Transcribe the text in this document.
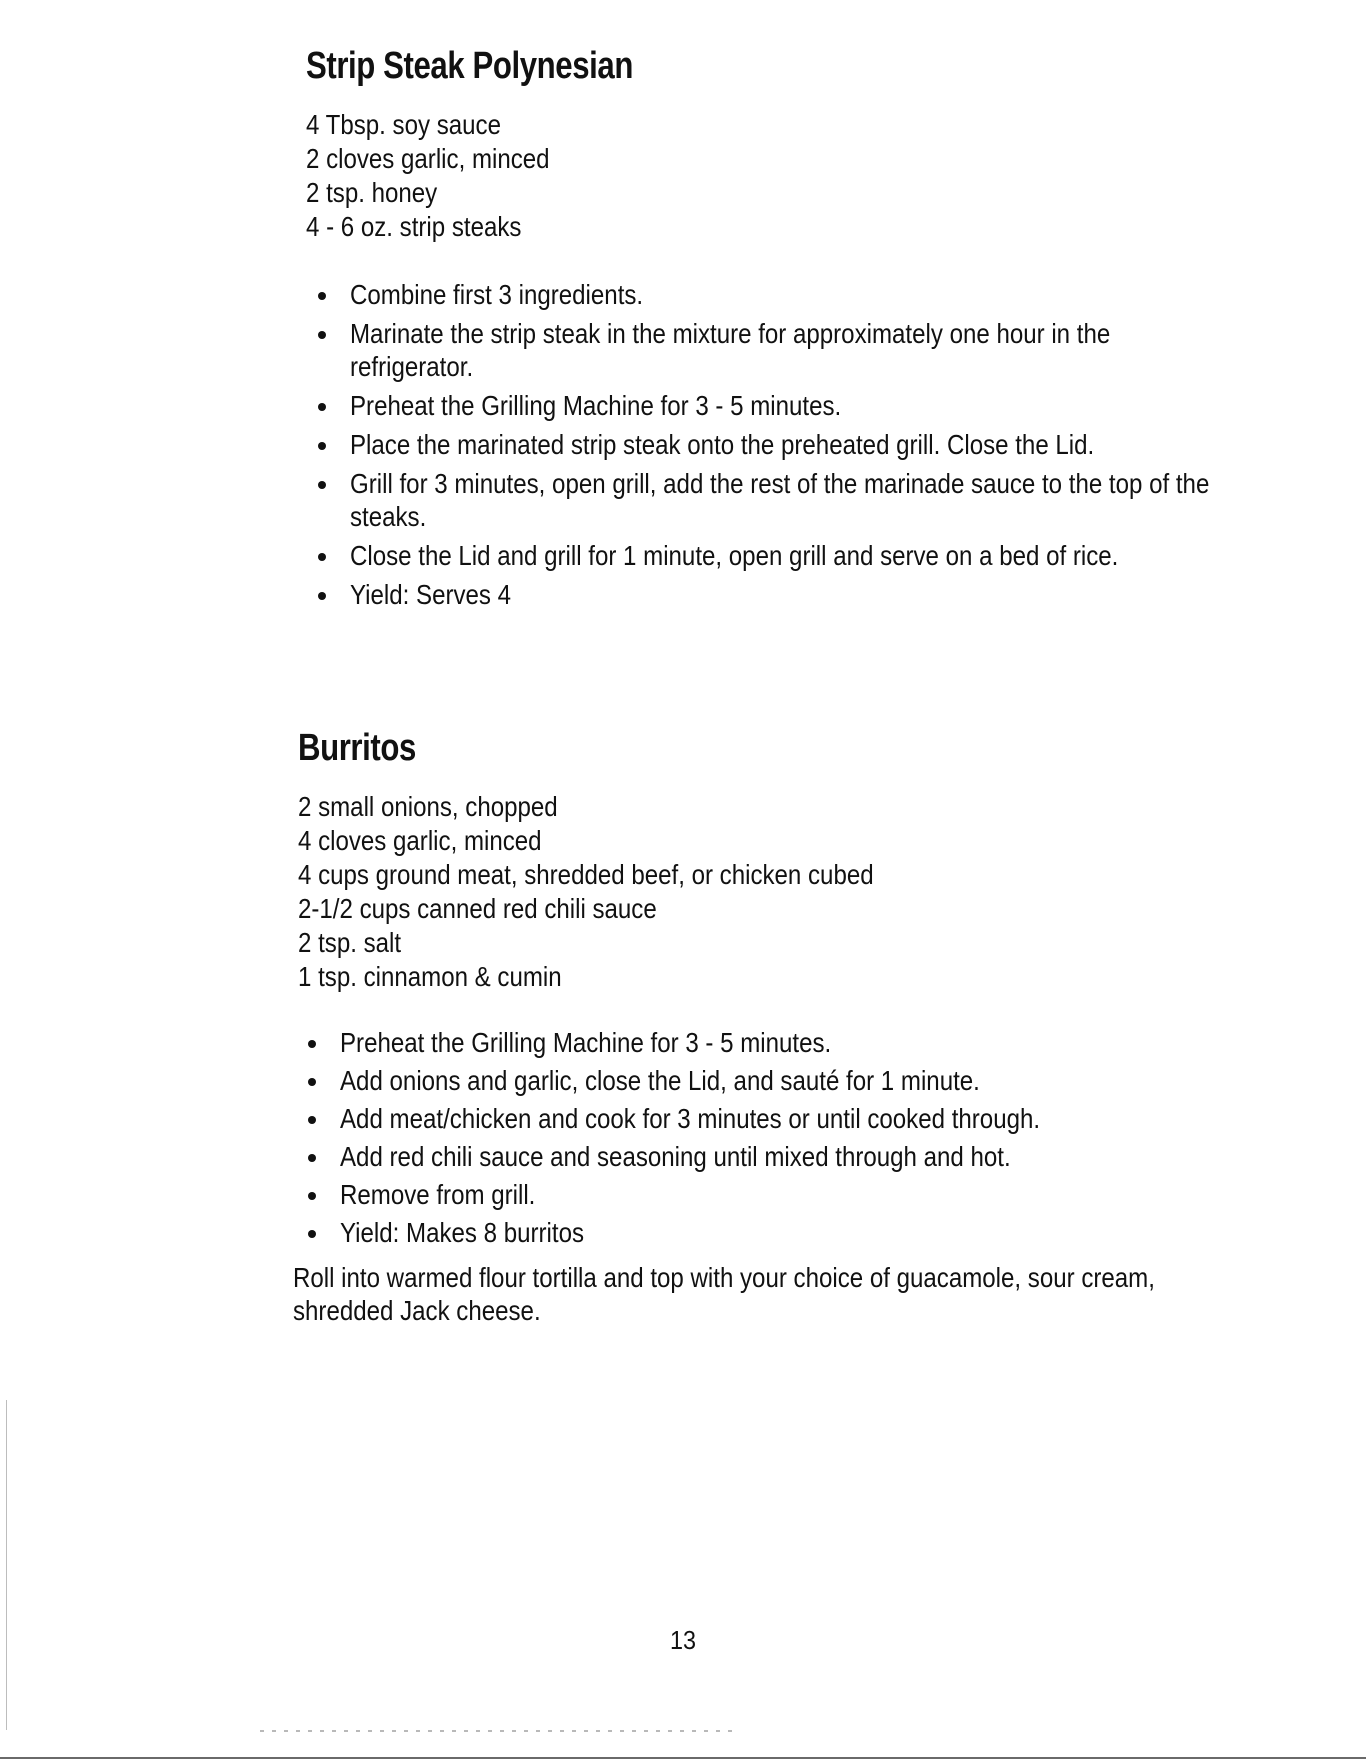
Strip Steak Polynesian
4 Tbsp. soy sauce
2 cloves garlic, minced
2 tsp. honey
4 - 6 oz. strip steaks
Combine first 3 ingredients.
Marinate the strip steak in the mixture for approximately one hour in the refrigerator.
Preheat the Grilling Machine for 3 - 5 minutes.
Place the marinated strip steak onto the preheated grill. Close the Lid.
Grill for 3 minutes, open grill, add the rest of the marinade sauce to the top of the steaks.
Close the Lid and grill for 1 minute, open grill and serve on a bed of rice.
Yield: Serves 4
Burritos
2 small onions, chopped
4 cloves garlic, minced
4 cups ground meat, shredded beef, or chicken cubed
2-1/2 cups canned red chili sauce
2 tsp. salt
1 tsp. cinnamon & cumin
Preheat the Grilling Machine for 3 - 5 minutes.
Add onions and garlic, close the Lid, and sauté for 1 minute.
Add meat/chicken and cook for 3 minutes or until cooked through.
Add red chili sauce and seasoning until mixed through and hot.
Remove from grill.
Yield: Makes 8 burritos

Roll into warmed flour tortilla and top with your choice of guacamole, sour cream, shredded Jack cheese.

13
